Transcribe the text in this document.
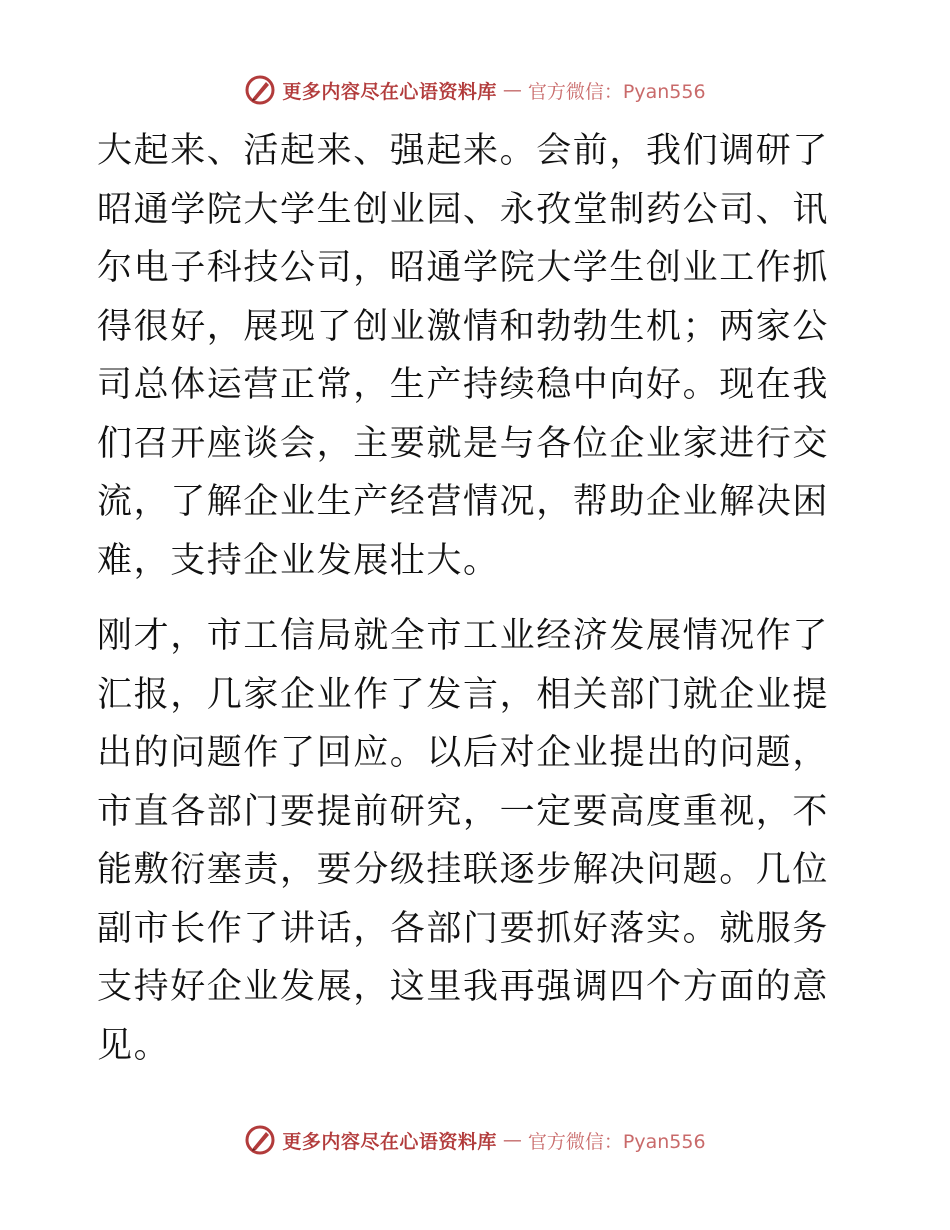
更多内容尽在心语资料库 — 官方微信：Pyan556

大起来、活起来、强起来。会前，我们调研了昭通学院大学生创业园、永孜堂制药公司、讯尔电子科技公司，昭通学院大学生创业工作抓得很好，展现了创业激情和勃勃生机；两家公司总体运营正常，生产持续稳中向好。现在我们召开座谈会，主要就是与各位企业家进行交流，了解企业生产经营情况，帮助企业解决困难，支持企业发展壮大。

刚才，市工信局就全市工业经济发展情况作了汇报，几家企业作了发言，相关部门就企业提出的问题作了回应。以后对企业提出的问题，市直各部门要提前研究，一定要高度重视，不能敷衍塞责，要分级挂联逐步解决问题。几位副市长作了讲话，各部门要抓好落实。就服务支持好企业发展，这里我再强调四个方面的意见。

更多内容尽在心语资料库 — 官方微信：Pyan556
